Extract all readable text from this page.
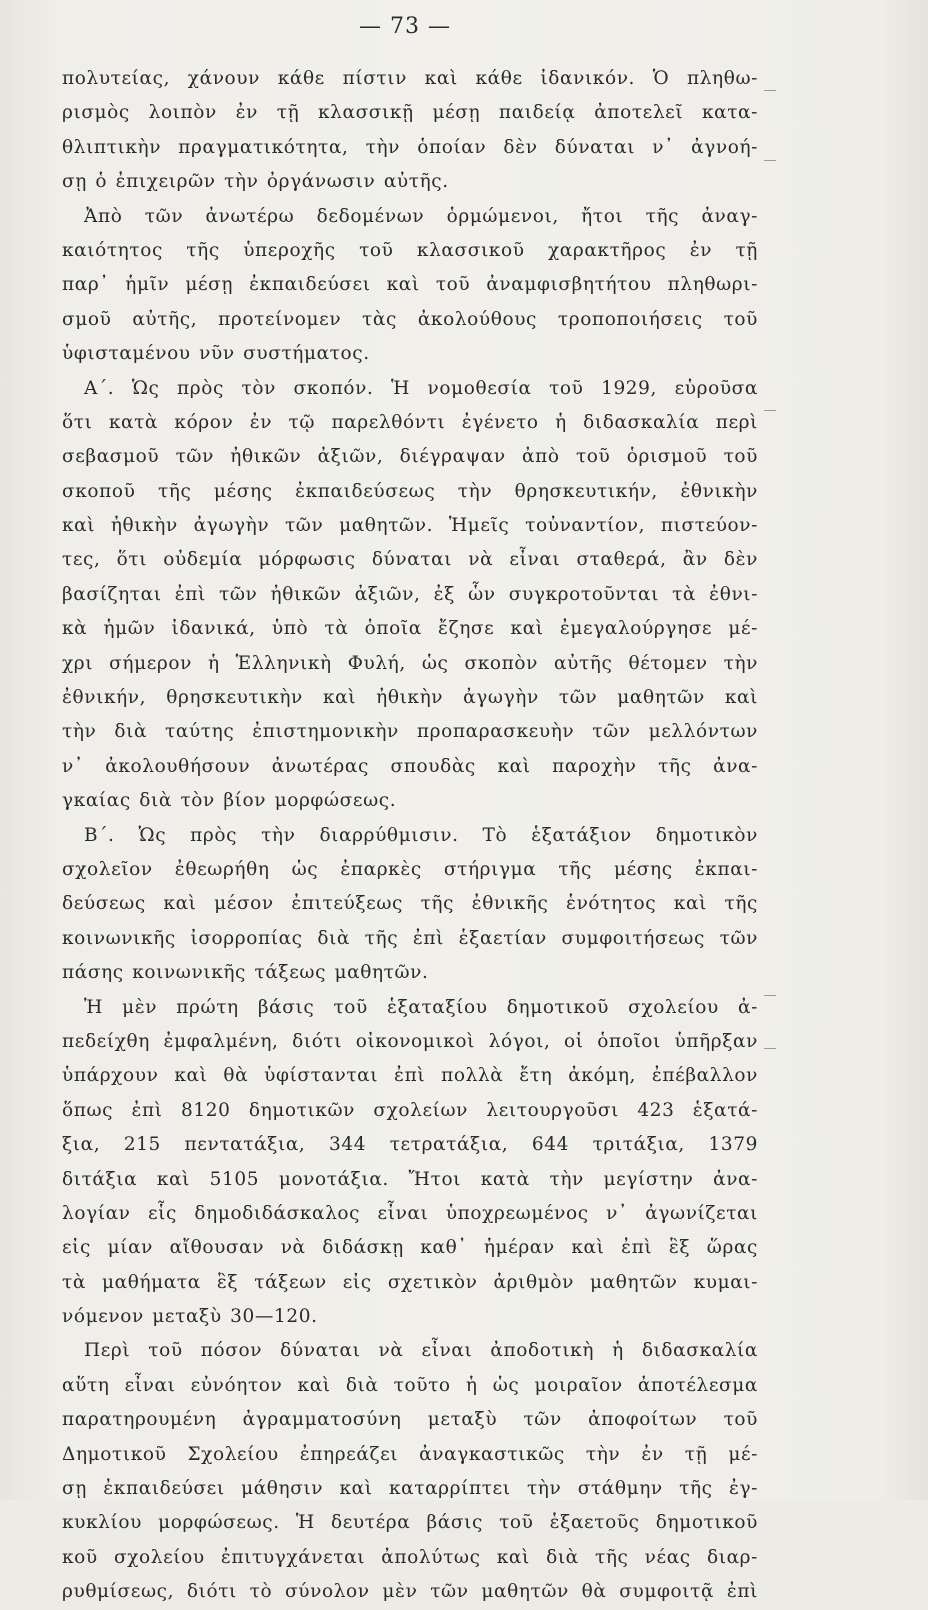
— 73 —
πολυτείας, χάνουν κάθε πίστιν καὶ κάθε ἰδανικόν. Ὁ πληθω-
ρισμὸς λοιπὸν ἐν τῇ κλασσικῇ μέσῃ παιδείᾳ ἀποτελεῖ κατα-
θλιπτικὴν πραγματικότητα, τὴν ὁποίαν δὲν δύναται ν᾿ ἀγνοή-
σῃ ὁ ἐπιχειρῶν τὴν ὀργάνωσιν αὐτῆς.
Ἀπὸ τῶν ἀνωτέρω δεδομένων ὁρμώμενοι, ἤτοι τῆς ἀναγ-
καιότητος τῆς ὑπεροχῆς τοῦ κλασσικοῦ χαρακτῆρος ἐν τῇ
παρ᾿ ἡμῖν μέσῃ ἐκπαιδεύσει καὶ τοῦ ἀναμφισβητήτου πληθωρι-
σμοῦ αὐτῆς, προτείνομεν τὰς ἀκολούθους τροποποιήσεις τοῦ
ὑφισταμένου νῦν συστήματος.
Α΄. Ὡς πρὸς τὸν σκοπόν. Ἡ νομοθεσία τοῦ 1929, εὑροῦσα
ὅτι κατὰ κόρον ἐν τῷ παρελθόντι ἐγένετο ἡ διδασκαλία περὶ
σεβασμοῦ τῶν ἠθικῶν ἀξιῶν, διέγραψαν ἀπὸ τοῦ ὁρισμοῦ τοῦ
σκοποῦ τῆς μέσης ἐκπαιδεύσεως τὴν θρησκευτικήν, ἐθνικὴν
καὶ ἠθικὴν ἀγωγὴν τῶν μαθητῶν. Ἡμεῖς τοὐναντίον, πιστεύον-
τες, ὅτι οὐδεμία μόρφωσις δύναται νὰ εἶναι σταθερά, ἂν δὲν
βασίζηται ἐπὶ τῶν ἠθικῶν ἀξιῶν, ἐξ ὧν συγκροτοῦνται τὰ ἐθνι-
κὰ ἡμῶν ἰδανικά, ὑπὸ τὰ ὁποῖα ἔζησε καὶ ἐμεγαλούργησε μέ-
χρι σήμερον ἡ Ἑλληνικὴ Φυλή, ὡς σκοπὸν αὐτῆς θέτομεν τὴν
ἐθνικήν, θρησκευτικὴν καὶ ἠθικὴν ἀγωγὴν τῶν μαθητῶν καὶ
τὴν διὰ ταύτης ἐπιστημονικὴν προπαρασκευὴν τῶν μελλόντων
ν᾿ ἀκολουθήσουν ἀνωτέρας σπουδὰς καὶ παροχὴν τῆς ἀνα-
γκαίας διὰ τὸν βίον μορφώσεως.
Β΄. Ὡς πρὸς τὴν διαρρύθμισιν. Τὸ ἑξατάξιον δημοτικὸν
σχολεῖον ἐθεωρήθη ὡς ἐπαρκὲς στήριγμα τῆς μέσης ἐκπαι-
δεύσεως καὶ μέσον ἐπιτεύξεως τῆς ἐθνικῆς ἑνότητος καὶ τῆς
κοινωνικῆς ἰσορροπίας διὰ τῆς ἐπὶ ἑξαετίαν συμφοιτήσεως τῶν
πάσης κοινωνικῆς τάξεως μαθητῶν.
Ἡ μὲν πρώτη βάσις τοῦ ἑξαταξίου δημοτικοῦ σχολείου ἀ-
πεδείχθη ἐμφαλμένη, διότι οἰκονομικοὶ λόγοι, οἱ ὁποῖοι ὑπῆρξαν
ὑπάρχουν καὶ θὰ ὑφίστανται ἐπὶ πολλὰ ἔτη ἀκόμη, ἐπέβαλλον
ὅπως ἐπὶ 8120 δημοτικῶν σχολείων λειτουργοῦσι 423 ἑξατά-
ξια, 215 πεντατάξια, 344 τετρατάξια, 644 τριτάξια, 1379
διτάξια καὶ 5105 μονοτάξια. Ἤτοι κατὰ τὴν μεγίστην ἀνα-
λογίαν εἷς δημοδιδάσκαλος εἶναι ὑποχρεωμένος ν᾿ ἀγωνίζεται
εἰς μίαν αἴθουσαν νὰ διδάσκῃ καθ᾿ ἡμέραν καὶ ἐπὶ ἓξ ὥρας
τὰ μαθήματα ἓξ τάξεων εἰς σχετικὸν ἀριθμὸν μαθητῶν κυμαι-
νόμενον μεταξὺ 30—120.
Περὶ τοῦ πόσον δύναται νὰ εἶναι ἀποδοτικὴ ἡ διδασκαλία
αὕτη εἶναι εὐνόητον καὶ διὰ τοῦτο ἡ ὡς μοιραῖον ἀποτέλεσμα
παρατηρουμένη ἀγραμματοσύνη μεταξὺ τῶν ἀποφοίτων τοῦ
Δημοτικοῦ Σχολείου ἐπηρεάζει ἀναγκαστικῶς τὴν ἐν τῇ μέ-
σῃ ἐκπαιδεύσει μάθησιν καὶ καταρρίπτει τὴν στάθμην τῆς ἐγ-
κυκλίου μορφώσεως. Ἡ δευτέρα βάσις τοῦ ἑξαετοῦς δημοτικοῦ
κοῦ σχολείου ἐπιτυγχάνεται ἀπολύτως καὶ διὰ τῆς νέας διαρ-
ρυθμίσεως, διότι τὸ σύνολον μὲν τῶν μαθητῶν θὰ συμφοιτᾷ ἐπὶ
